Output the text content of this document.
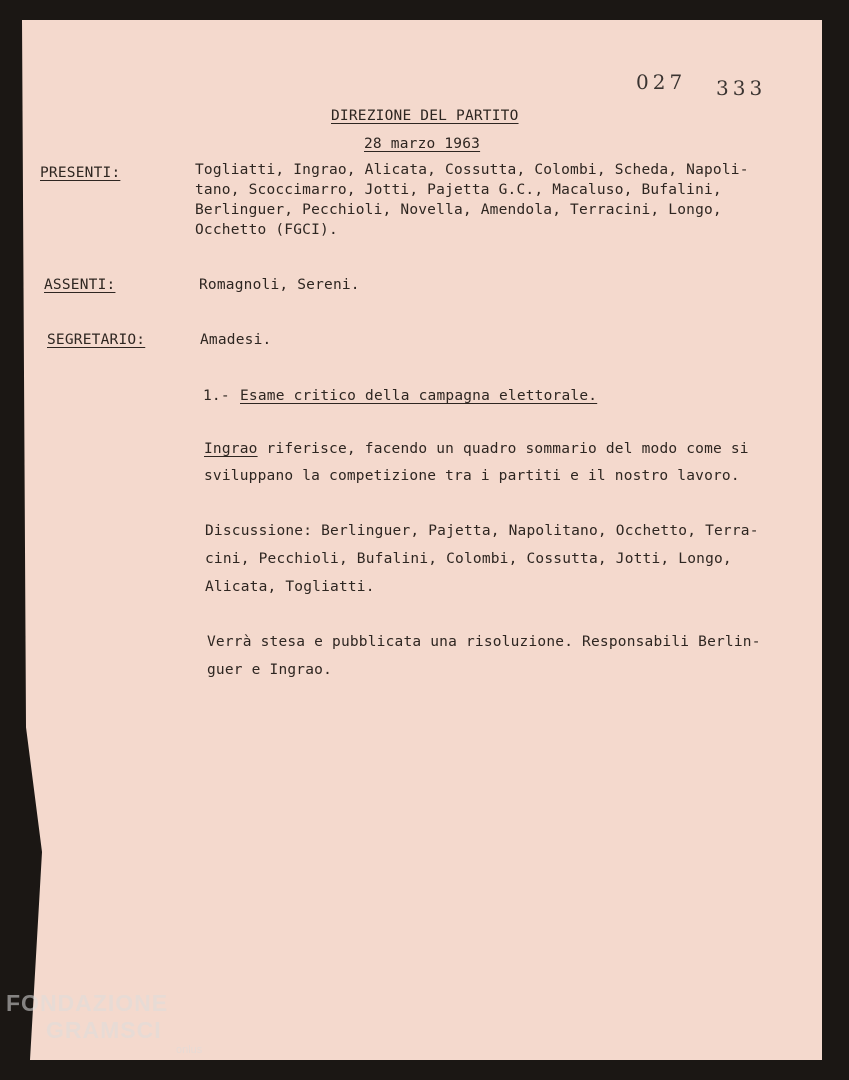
027 333
DIREZIONE DEL PARTITO
28 marzo 1963
PRESENTI:	Togliatti, Ingrao, Alicata, Cossutta, Colombi, Scheda, Napoli-
tano, Scoccimarro, Jotti, Pajetta G.C., Macaluso, Bufalini,
Berlinguer, Pecchioli, Novella, Amendola, Terracini, Longo,
Occhetto (FGCI).
ASSENTI:	Romagnoli, Sereni.
SEGRETARIO:	Amadesi.
1.- Esame critico della campagna elettorale.
Ingrao riferisce, facendo un quadro sommario del modo come si
sviluppano la competizione tra i partiti e il nostro lavoro.
Discussione: Berlinguer, Pajetta, Napolitano, Occhetto, Terra-
cini, Pecchioli, Bufalini, Colombi, Cossutta, Jotti, Longo,
Alicata, Togliatti.
Verrà stesa e pubblicata una risoluzione. Responsabili Berlin-
guer e Ingrao.
FONDAZIONE
GRAMSCI
onlus
